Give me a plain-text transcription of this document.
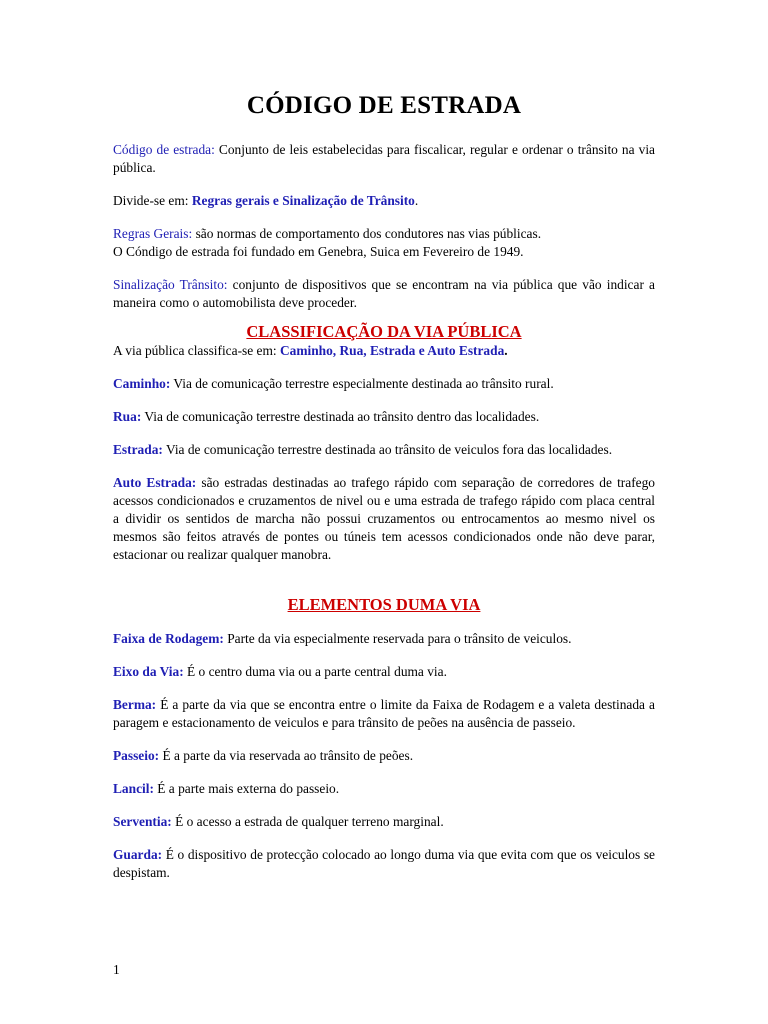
CÓDIGO DE ESTRADA

Código de estrada: Conjunto de leis estabelecidas para fiscalicar, regular e ordenar o trânsito na via pública.

Divide-se em: Regras gerais e Sinalização de Trânsito.

Regras Gerais: são normas de comportamento dos condutores nas vias públicas.
O Cóndigo de estrada foi fundado em Genebra, Suica em Fevereiro de 1949.

Sinalização Trânsito: conjunto de dispositivos que se encontram na via pública que vão indicar a maneira como o automobilista deve proceder.

CLASSIFICAÇÃO DA VIA PÚBLICA

A via pública classifica-se em: Caminho, Rua, Estrada e Auto Estrada.

Caminho: Via de comunicação terrestre especialmente destinada ao trânsito rural.

Rua: Via de comunicação terrestre destinada ao trânsito dentro das localidades.

Estrada: Via de comunicação terrestre destinada ao trânsito de veiculos fora das localidades.

Auto Estrada: são estradas destinadas ao trafego rápido com separação de corredores de trafego acessos condicionados e cruzamentos de nivel ou e uma estrada de trafego rápido com placa central a dividir os sentidos de marcha não possui cruzamentos ou entrocamentos ao mesmo nivel os mesmos são feitos através de pontes ou túneis tem acessos condicionados onde não deve parar, estacionar ou realizar qualquer manobra.

ELEMENTOS DUMA VIA

Faixa de Rodagem: Parte da via especialmente reservada para o trânsito de veiculos.

Eixo da Via: É o centro duma via ou a parte central duma via.

Berma: É a parte da via que se encontra entre o limite da Faixa de Rodagem e a valeta destinada a paragem e estacionamento de veiculos e para trânsito de peões na ausência de passeio.

Passeio: É a parte da via reservada ao trânsito de peões.

Lancil: É a parte mais externa do passeio.

Serventia: É o acesso a estrada de qualquer terreno marginal.

Guarda: É o dispositivo de protecção colocado ao longo duma via que evita com que os veiculos se despistam.

1
